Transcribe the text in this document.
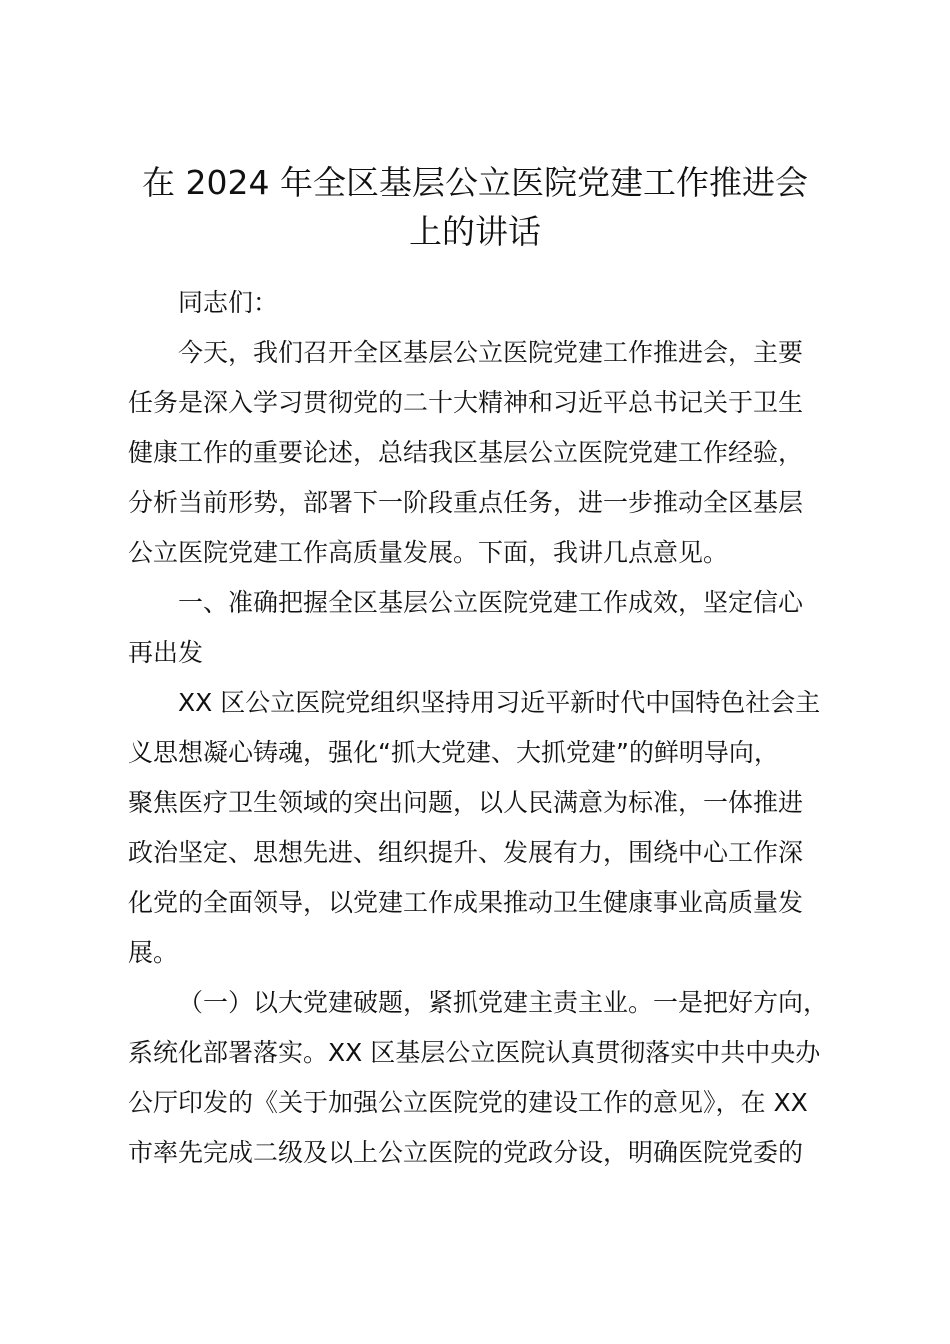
在 2024 年全区基层公立医院党建工作推进会
上的讲话

同志们：

今天，我们召开全区基层公立医院党建工作推进会，主要

任务是深入学习贯彻党的二十大精神和习近平总书记关于卫生

健康工作的重要论述，总结我区基层公立医院党建工作经验，

分析当前形势，部署下一阶段重点任务，进一步推动全区基层

公立医院党建工作高质量发展。下面，我讲几点意见。

一、准确把握全区基层公立医院党建工作成效，坚定信心

再出发

XX 区公立医院党组织坚持用习近平新时代中国特色社会主

义思想凝心铸魂，强化“抓大党建、大抓党建”的鲜明导向，

聚焦医疗卫生领域的突出问题，以人民满意为标准，一体推进

政治坚定、思想先进、组织提升、发展有力，围绕中心工作深

化党的全面领导，以党建工作成果推动卫生健康事业高质量发

展。

（一）以大党建破题，紧抓党建主责主业。一是把好方向，

系统化部署落实。XX 区基层公立医院认真贯彻落实中共中央办

公厅印发的《关于加强公立医院党的建设工作的意见》，在 XX

市率先完成二级及以上公立医院的党政分设，明确医院党委的
